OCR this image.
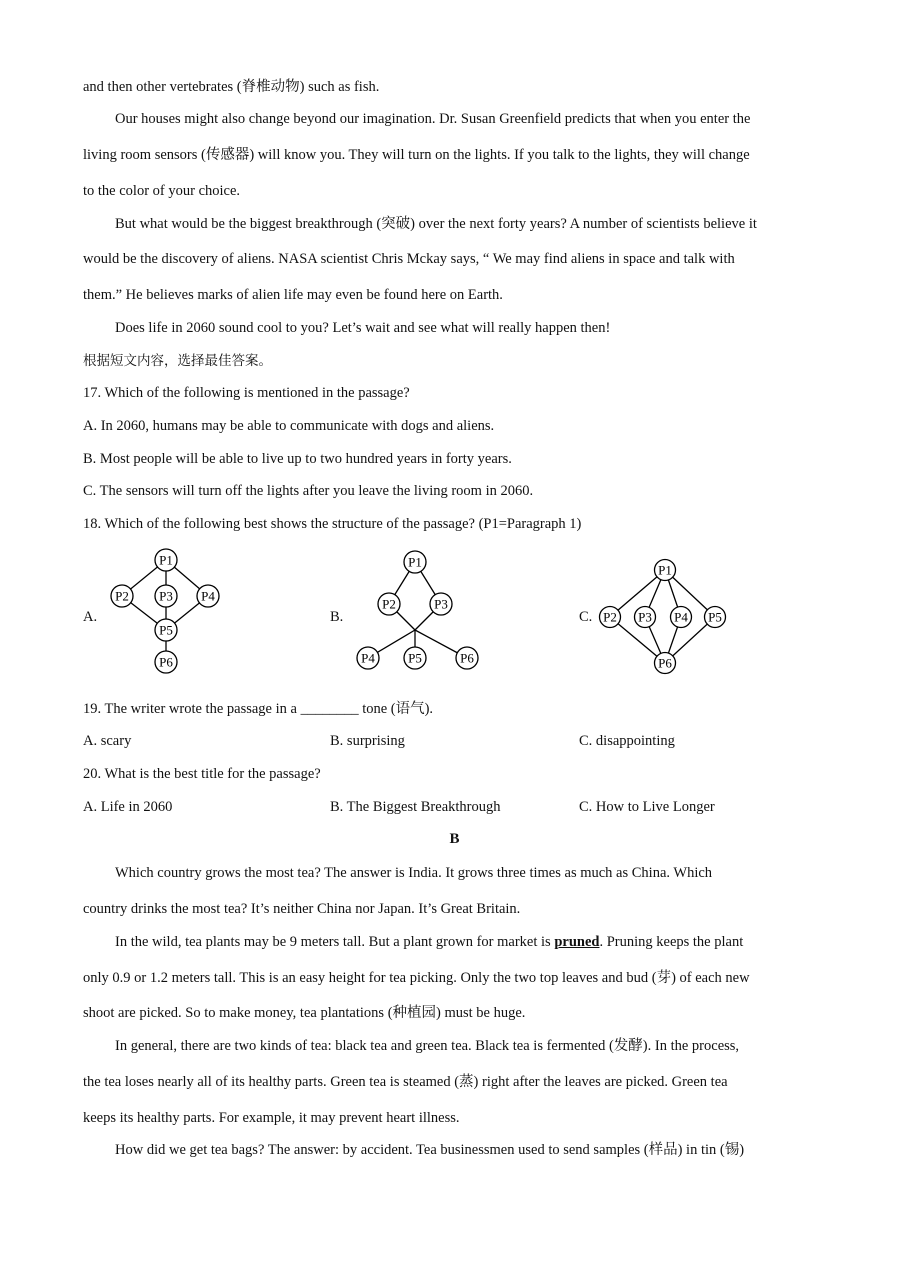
and then other vertebrates (脊椎动物) such as fish.
Our houses might also change beyond our imagination. Dr. Susan Greenfield predicts that when you enter the
living room sensors (传感器) will know you. They will turn on the lights. If you talk to the lights, they will change
to the color of your choice.
But what would be the biggest breakthrough (突破) over the next forty years? A number of scientists believe it
would be the discovery of aliens. NASA scientist Chris Mckay says, “ We may find aliens in space and talk with
them.” He believes marks of alien life may even be found here on Earth.
Does life in 2060 sound cool to you? Let’s wait and see what will really happen then!
根据短文内容，选择最佳答案。
17. Which of the following is mentioned in the passage?
A. In 2060, humans may be able to communicate with dogs and aliens.
B. Most people will be able to live up to two hundred years in forty years.
C. The sensors will turn off the lights after you leave the living room in 2060.
18. Which of the following best shows the structure of the passage? (P1=Paragraph 1)
A.	B.	C.
P1
P2 P3 P4
P5
P6
P1
P2	P3
P4	P5	P6
P1
P2 P3 P4 P5
P6
19. The writer wrote the passage in a ________ tone (语气).
A. scary	B. surprising	C. disappointing
20. What is the best title for the passage?
A. Life in 2060	B. The Biggest Breakthrough	C. How to Live Longer
B
Which country grows the most tea? The answer is India. It grows three times as much as China. Which
country drinks the most tea? It’s neither China nor Japan. It’s Great Britain.
In the wild, tea plants may be 9 meters tall. But a plant grown for market is pruned. Pruning keeps the plant
only 0.9 or 1.2 meters tall. This is an easy height for tea picking. Only the two top leaves and bud (芽) of each new
shoot are picked. So to make money, tea plantations (种植园) must be huge.
In general, there are two kinds of tea: black tea and green tea. Black tea is fermented (发酵). In the process,
the tea loses nearly all of its healthy parts. Green tea is steamed (蒸) right after the leaves are picked. Green tea
keeps its healthy parts. For example, it may prevent heart illness.
How did we get tea bags? The answer: by accident. Tea businessmen used to send samples (样品) in tin (锡)
